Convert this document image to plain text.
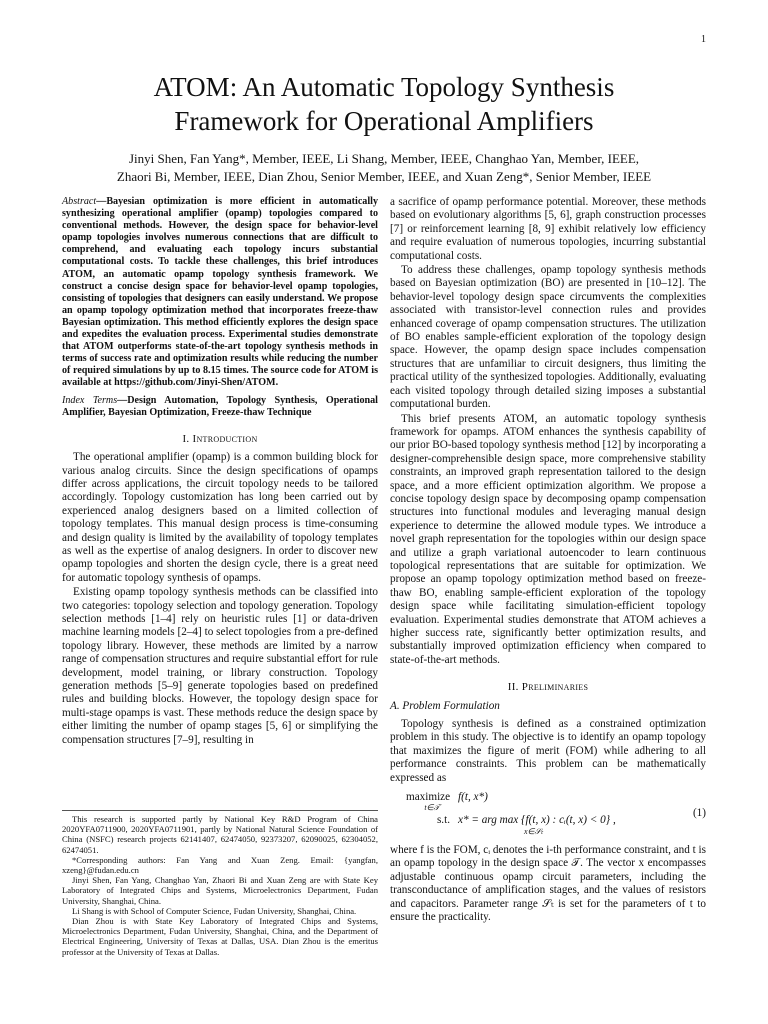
1
ATOM: An Automatic Topology Synthesis
Framework for Operational Amplifiers
Jinyi Shen, Fan Yang*, Member, IEEE, Li Shang, Member, IEEE, Changhao Yan, Member, IEEE,
Zhaori Bi, Member, IEEE, Dian Zhou, Senior Member, IEEE, and Xuan Zeng*, Senior Member, IEEE
Abstract—Bayesian optimization is more efficient in automatically synthesizing operational amplifier (opamp) topologies compared to conventional methods. However, the design space for behavior-level opamp topologies involves numerous connections that are difficult to comprehend, and evaluating each topology incurs substantial computational costs. To tackle these challenges, this brief introduces ATOM, an automatic opamp topology synthesis framework. We construct a concise design space for behavior-level opamp topologies, consisting of topologies that designers can easily understand. We propose an opamp topology optimization method that incorporates freeze-thaw Bayesian optimization. This method efficiently explores the design space and expedites the evaluation process. Experimental studies demonstrate that ATOM outperforms state-of-the-art topology synthesis methods in terms of success rate and optimization results while reducing the number of required simulations by up to 8.15 times. The source code for ATOM is available at https://github.com/Jinyi-Shen/ATOM.
Index Terms—Design Automation, Topology Synthesis, Operational Amplifier, Bayesian Optimization, Freeze-thaw Technique
I. Introduction

The operational amplifier (opamp) is a common building block for various analog circuits. Since the design specifications of opamps differ across applications, the circuit topology needs to be tailored accordingly. Topology customization has long been carried out by experienced analog designers based on a limited collection of topology templates. This manual design process is time-consuming and design quality is limited by the availability of topology templates as well as the expertise of analog designers. In order to discover new opamp topologies and shorten the design cycle, there is a great need for automatic topology synthesis of opamps.

Existing opamp topology synthesis methods can be classified into two categories: topology selection and topology generation. Topology selection methods [1–4] rely on heuristic rules [1] or data-driven machine learning models [2–4] to select topologies from a pre-defined topology library. However, these methods are limited by a narrow range of compensation structures and require substantial effort for rule development, model training, or library construction. Topology generation methods [5–9] generate topologies based on predefined rules and building blocks. However, the topology design space for multi-stage opamps is vast. These methods reduce the design space by either limiting the number of opamp stages [5, 6] or simplifying the compensation structures [7–9], resulting in

This research is supported partly by National Key R&D Program of China 2020YFA0711900, 2020YFA0711901, partly by National Natural Science Foundation of China (NSFC) research projects 62141407, 62474050, 92373207, 62090025, 62304052, 62474051.
*Corresponding authors: Fan Yang and Xuan Zeng. Email: {yangfan, xzeng}@fudan.edu.cn
Jinyi Shen, Fan Yang, Changhao Yan, Zhaori Bi and Xuan Zeng are with State Key Laboratory of Integrated Chips and Systems, Microelectronics Department, Fudan University, Shanghai, China.
Li Shang is with School of Computer Science, Fudan University, Shanghai, China.
Dian Zhou is with State Key Laboratory of Integrated Chips and Systems, Microelectronics Department, Fudan University, Shanghai, China, and the Department of Electrical Engineering, University of Texas at Dallas, USA. Dian Zhou is the emeritus professor at the University of Texas at Dallas.

a sacrifice of opamp performance potential. Moreover, these methods based on evolutionary algorithms [5, 6], graph construction processes [7] or reinforcement learning [8, 9] exhibit relatively low efficiency and require evaluation of numerous topologies, incurring substantial computational costs.

To address these challenges, opamp topology synthesis methods based on Bayesian optimization (BO) are presented in [10–12]. The behavior-level topology design space circumvents the complexities associated with transistor-level connection rules and provides enhanced coverage of opamp compensation structures. The utilization of BO enables sample-efficient exploration of the topology design space. However, the opamp design space includes compensation structures that are unfamiliar to circuit designers, thus limiting the practical utility of the synthesized topologies. Additionally, evaluating each visited topology through detailed sizing imposes a substantial computational burden.

This brief presents ATOM, an automatic topology synthesis framework for opamps. ATOM enhances the synthesis capability of our prior BO-based topology synthesis method [12] by incorporating a designer-comprehensible design space, more comprehensive stability constraints, an improved graph representation tailored to the design space, and a more efficient optimization algorithm. We propose a concise topology design space by decomposing opamp compensation structures into functional modules and leveraging manual design experience to determine the allowed module types. We introduce a novel graph representation for the topologies within our design space and utilize a graph variational autoencoder to learn continuous topological representations that are suitable for optimization. We propose an opamp topology optimization method based on freeze-thaw BO, enabling sample-efficient exploration of the topology design space while facilitating simulation-efficient topology evaluation. Experimental studies demonstrate that ATOM achieves a higher success rate, significantly better optimization results, and substantially improved optimization efficiency when compared to state-of-the-art methods.

II. Preliminaries
A. Problem Formulation

Topology synthesis is defined as a constrained optimization problem in this study. The objective is to identify an opamp topology that maximizes the figure of merit (FOM) while adhering to all performance constraints. This problem can be mathematically expressed as

maximize f(t, x*)
t∈𝒯
s.t. x* = arg max {f(t, x) : cᵢ(t, x) < 0} ,
x∈𝒮ₜ
(1)

where f is the FOM, cᵢ denotes the i-th performance constraint, and t is an opamp topology in the design space 𝒯. The vector x encompasses adjustable continuous opamp circuit parameters, including the transconductance of amplification stages, and the values of resistors and capacitors. Parameter range 𝒮ₜ is set for the parameters of t to ensure the practicality.
